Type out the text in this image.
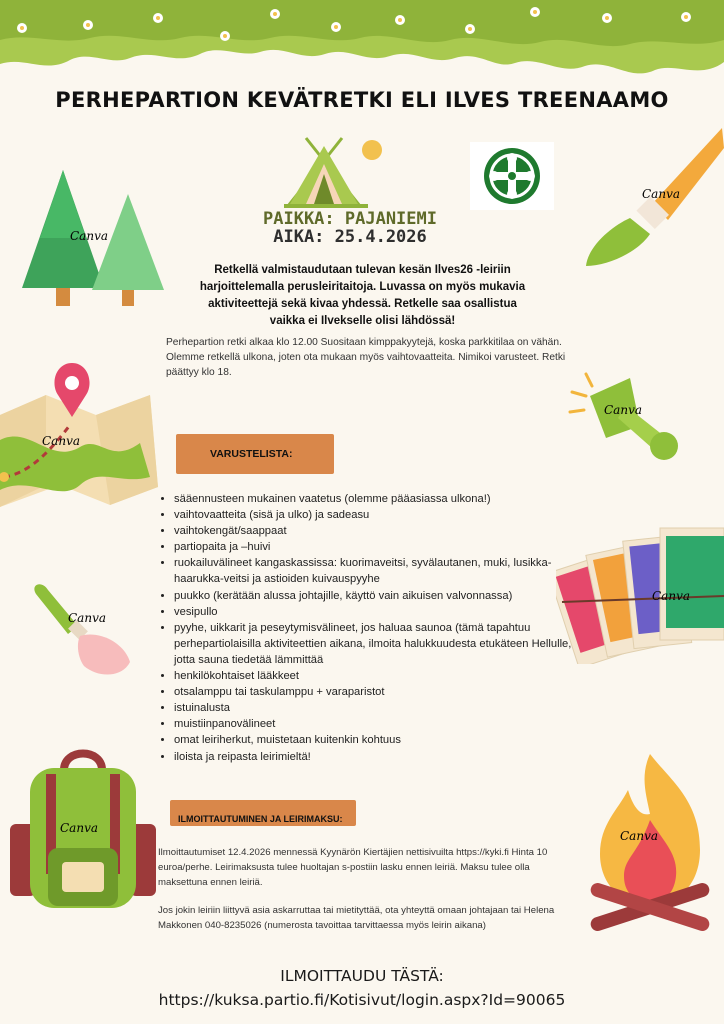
PERHEPARTION KEVÄTRETKI ELI ILVES TREENAAMO
PAIKKA: PAJANIEMI
AIKA: 25.4.2026
Canva
Canva
Retkellä valmistaudutaan tulevan kesän Ilves26 -leiriin harjoittelemalla perusleiritaitoja. Luvassa on myös mukavia aktiviteettejä sekä kivaa yhdessä. Retkelle saa osallistua vaikka ei Ilvekselle olisi lähdössä!
Perhepartion retki alkaa klo 12.00 Suositaan kimppakyytejä, koska parkkitilaa on vähän. Olemme retkellä ulkona, joten ota mukaan myös vaihtovaatteita. Nimikoi varusteet. Retki päättyy klo 18.
Canva
Canva
VARUSTELISTA:
• sääennusteen mukainen vaatetus (olemme pääasiassa ulkona!)
• vaihtovaatteita (sisä ja ulko) ja sadeasu
• vaihtokengät/saappaat
• partiopaita ja –huivi
• ruokailuvälineet kangaskassissa: kuorimaveitsi, syvälautanen, muki, lusikka-haarukka-veitsi ja astioiden kuivauspyyhe
• puukko (kerätään alussa johtajille, käyttö vain aikuisen valvonnassa)
• vesipullo
• pyyhe, uikkarit ja peseytymisvälineet, jos haluaa saunoa (tämä tapahtuu perhepartiolaisilla aktiviteettien aikana, ilmoita halukkuudesta etukäteen Hellulle, jotta sauna tiedetää lämmittää
• henkilökohtaiset lääkkeet
• otsalamppu tai taskulamppu + varaparistot
• istuinalusta
• muistiinpanovälineet
• omat leiriherkut, muistetaan kuitenkin kohtuus
• iloista ja reipasta leirimieltä!
Canva
Canva
Canva
ILMOITTAUTUMINEN JA LEIRIMAKSU:

Ilmoittautumiset 12.4.2026 mennessä Kyynärön Kiertäjien nettisivuilta https://kyki.fi Hinta 10 euroa/perhe. Leirimaksusta tulee huoltajan s-postiin lasku ennen leiriä. Maksu tulee olla maksettuna ennen leiriä.

Jos jokin leiriin liittyvä asia askarruttaa tai mietityttää, ota yhteyttä omaan johtajaan tai Helena Makkonen 040-8235026 (numerosta tavoittaa tarvittaessa myös leirin aikana)

Canva
ILMOITTAUDU TÄSTÄ:
https://kuksa.partio.fi/Kotisivut/login.aspx?Id=90065
